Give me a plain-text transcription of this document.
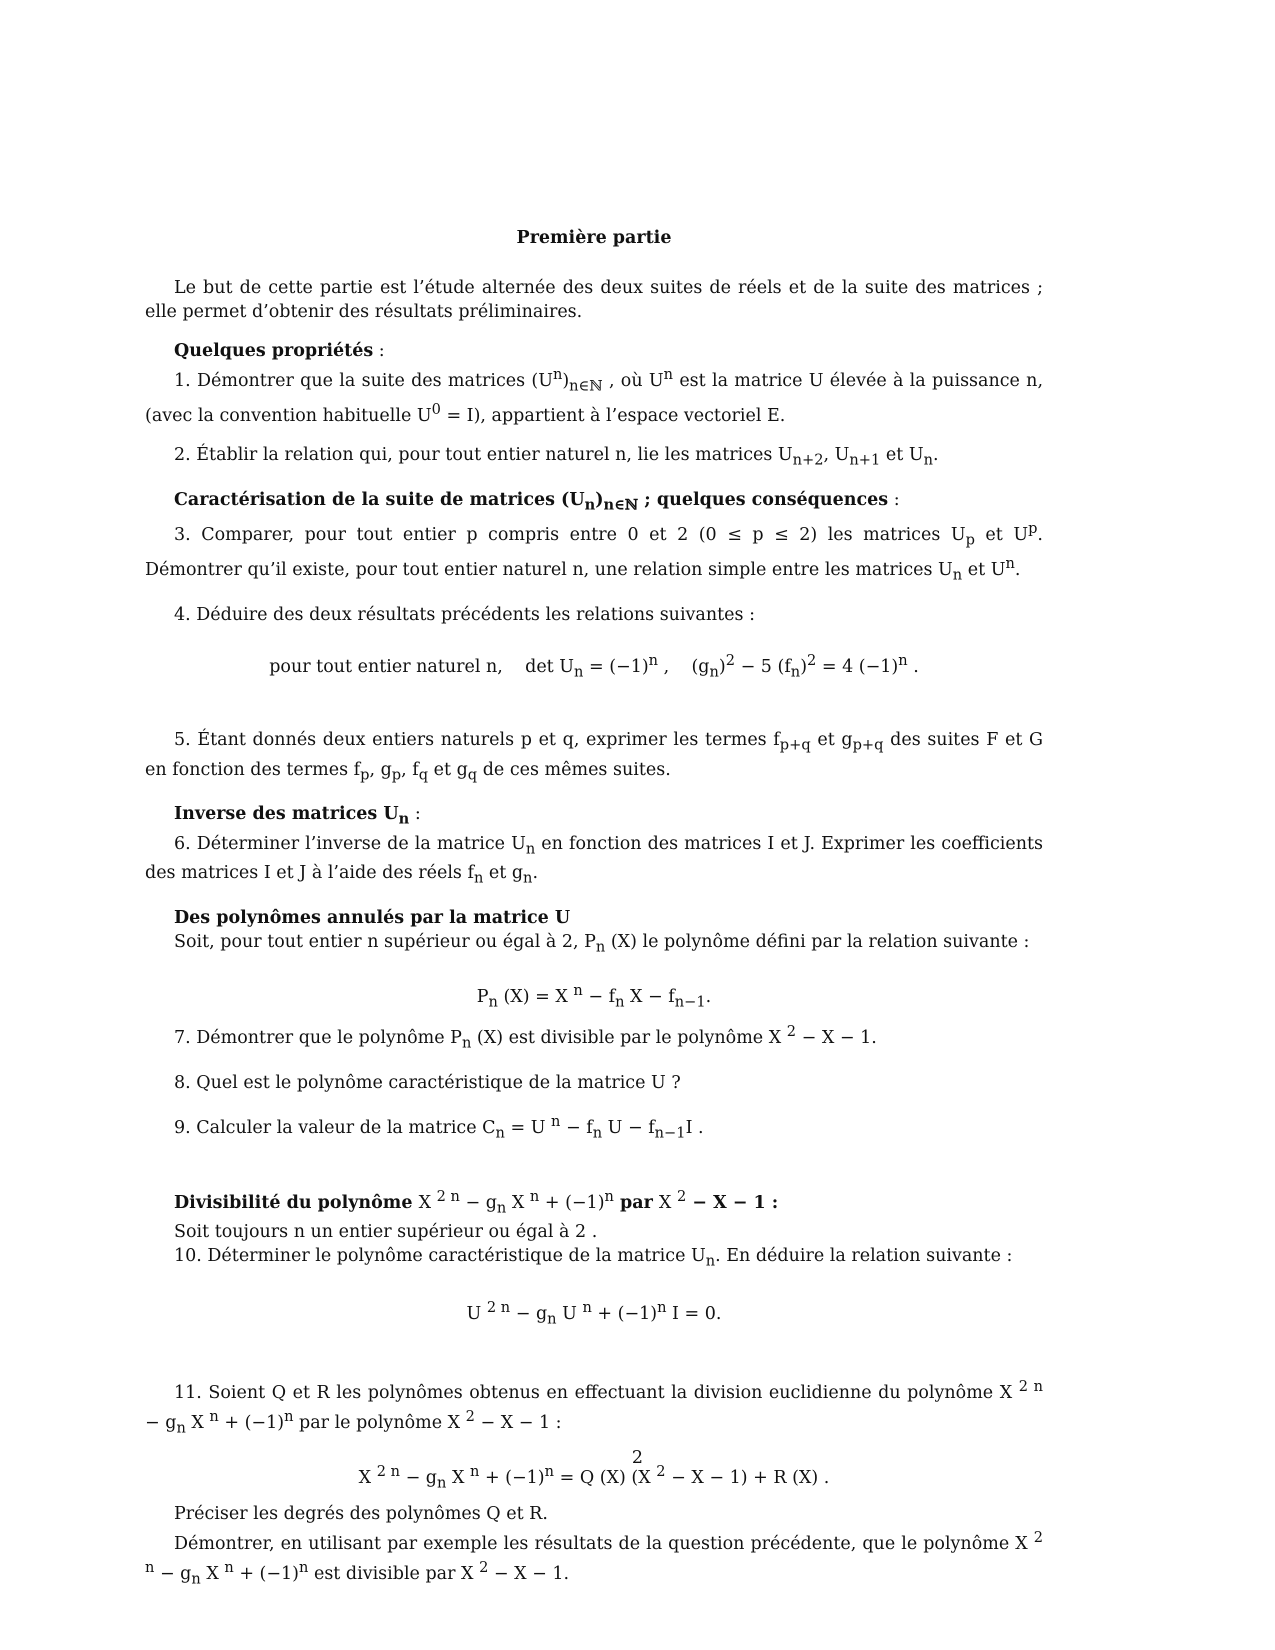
Première partie

Le but de cette partie est l’étude alternée des deux suites de réels et de la suite des matrices ; elle permet d’obtenir des résultats préliminaires.

Quelques propriétés :

1. Démontrer que la suite des matrices $(U^n)_{n\in ℕ}$ , où $U^n$ est la matrice U élevée à la puissance n, (avec la convention habituelle $U^0 = I$), appartient à l’espace vectoriel E.

2. Établir la relation qui, pour tout entier naturel n, lie les matrices $U_{n+2}$, $U_{n+1}$ et $U_n$.

Caractérisation de la suite de matrices $(U_n)_{n\in ℕ}$ ; quelques conséquences :

3. Comparer, pour tout entier p compris entre 0 et 2 (0 ≤ p ≤ 2) les matrices $U_p$ et $U^p$. Démontrer qu’il existe, pour tout entier naturel n, une relation simple entre les matrices $U_n$ et $U^n$.

4. Déduire des deux résultats précédents les relations suivantes :

pour tout entier naturel n, $\det U_n = (-1)^n$ , $(g_n)^2 - 5$ $(f_n)^2 = 4$ $(-1)^n$ .

5. Étant donnés deux entiers naturels p et q, exprimer les termes $f_{p+q}$ et $g_{p+q}$ des suites F et G en fonction des termes $f_p$, $g_p$, $f_q$ et $g_q$ de ces mêmes suites.

Inverse des matrices $U_n$ :

6. Déterminer l’inverse de la matrice $U_n$ en fonction des matrices I et J. Exprimer les coefficients des matrices I et J à l’aide des réels $f_n$ et $g_n$.

Des polynômes annulés par la matrice U

Soit, pour tout entier n supérieur ou égal à 2, $P_n$ (X) le polynôme défini par la relation suivante :

$P_n$ (X) = X $^n - f_n$ $X - f_{n-1}$.

7. Démontrer que le polynôme $P_n$ (X) est divisible par le polynôme X $^2$ − X − 1.

8. Quel est le polynôme caractéristique de la matrice U ?

9. Calculer la valeur de la matrice $C_n = U$ $^n - f_n$ $U - f_{n-1}I$ .

Divisibilité du polynôme X $^{2 n} - g_n$ X $^n + (-1)^n$ par X $^2$ − X − 1 :

Soit toujours n un entier supérieur ou égal à 2 .

10. Déterminer le polynôme caractéristique de la matrice $U_n$. En déduire la relation suivante :

U $^{2 n} - g_n$ U $^n + (-1)^n$ I = 0.

11. Soient Q et R les polynômes obtenus en effectuant la division euclidienne du polynôme X $^{2 n} - g_n$ X $^n + (-1)^n$ par le polynôme X $^2$ − X − 1 :

X $^{2 n} - g_n$ X $^n + (-1)^n = Q$ (X) (X $^2$ − X − 1) + R (X) .

Préciser les degrés des polynômes Q et R.

Démontrer, en utilisant par exemple les résultats de la question précédente, que le polynôme X $^{2 n} - g_n$ X $^n + (-1)^n$ est divisible par X $^2$ − X − 1.

2
